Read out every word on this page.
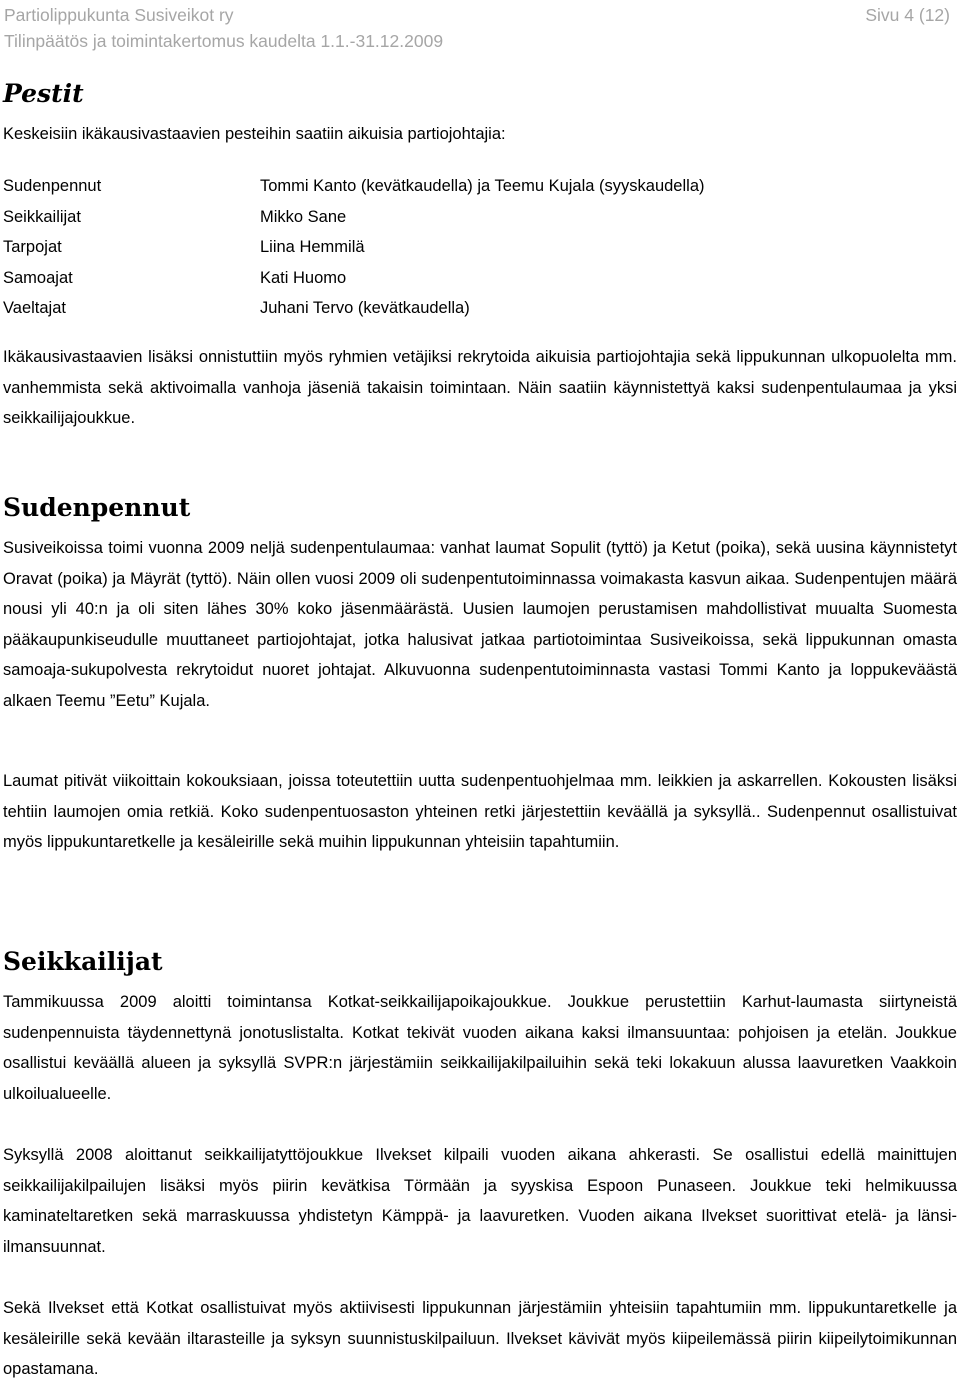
Partiolippukunta Susiveikot ry
Tilinpäätös ja toimintakertomus kaudelta 1.1.-31.12.2009
Sivu 4 (12)
Pestit

Keskeisiin ikäkausivastaavien pesteihin saatiin aikuisia partiojohtajia:

Sudenpennut	Tommi Kanto (kevätkaudella) ja Teemu Kujala (syyskaudella)
Seikkailijat	Mikko Sane
Tarpojat	Liina Hemmilä
Samoajat	Kati Huomo
Vaeltajat	Juhani Tervo (kevätkaudella)

Ikäkausivastaavien lisäksi onnistuttiin myös ryhmien vetäjiksi rekrytoida aikuisia partiojohtajia sekä lippukunnan ulkopuolelta mm. vanhemmista sekä aktivoimalla vanhoja jäseniä takaisin toimintaan. Näin saatiin käynnistettyä kaksi sudenpentulaumaa ja yksi seikkailijajoukkue.

Sudenpennut

Susiveikoissa toimi vuonna 2009 neljä sudenpentulaumaa: vanhat laumat Sopulit (tyttö) ja Ketut (poika), sekä uusina käynnistetyt Oravat (poika) ja Mäyrät (tyttö). Näin ollen vuosi 2009 oli sudenpentutoiminnassa voimakasta kasvun aikaa. Sudenpentujen määrä nousi yli 40:n ja oli siten lähes 30% koko jäsenmäärästä. Uusien laumojen perustamisen mahdollistivat muualta Suomesta pääkaupunkiseudulle muuttaneet partiojohtajat, jotka halusivat jatkaa partiotoimintaa Susiveikoissa, sekä lippukunnan omasta samoaja-sukupolvesta rekrytoidut nuoret johtajat. Alkuvuonna sudenpentutoiminnasta vastasi Tommi Kanto ja loppukeväästä alkaen Teemu ”Eetu” Kujala.

Laumat pitivät viikoittain kokouksiaan, joissa toteutettiin uutta sudenpentuohjelmaa mm. leikkien ja askarrellen. Kokousten lisäksi tehtiin laumojen omia retkiä. Koko sudenpentuosaston yhteinen retki järjestettiin keväällä ja syksyllä.. Sudenpennut osallistuivat myös lippukuntaretkelle ja kesäleirille sekä muihin lippukunnan yhteisiin tapahtumiin.

Seikkailijat

Tammikuussa 2009 aloitti toimintansa Kotkat-seikkailijapoikajoukkue. Joukkue perustettiin Karhut-laumasta siirtyneistä sudenpennuista täydennettynä jonotuslistalta. Kotkat tekivät vuoden aikana kaksi ilmansuuntaa: pohjoisen ja etelän. Joukkue osallistui keväällä alueen ja syksyllä SVPR:n järjestämiin seikkailijakilpailuihin sekä teki lokakuun alussa laavuretken Vaakkoin ulkoilualueelle.

Syksyllä 2008 aloittanut seikkailijatyttöjoukkue Ilvekset kilpaili vuoden aikana ahkerasti. Se osallistui edellä mainittujen seikkailijakilpailujen lisäksi myös piirin kevätkisa Törmään ja syyskisa Espoon Punaseen. Joukkue teki helmikuussa kaminateltaretken sekä marraskuussa yhdistetyn Kämppä- ja laavuretken. Vuoden aikana Ilvekset suorittivat etelä- ja länsi-ilmansuunnat.

Sekä Ilvekset että Kotkat osallistuivat myös aktiivisesti lippukunnan järjestämiin yhteisiin tapahtumiin mm. lippukuntaretkelle ja kesäleirille sekä kevään iltarasteille ja syksyn suunnistuskilpailuun. Ilvekset kävivät myös kiipeilemässä piirin kiipeilytoimikunnan opastamana.
